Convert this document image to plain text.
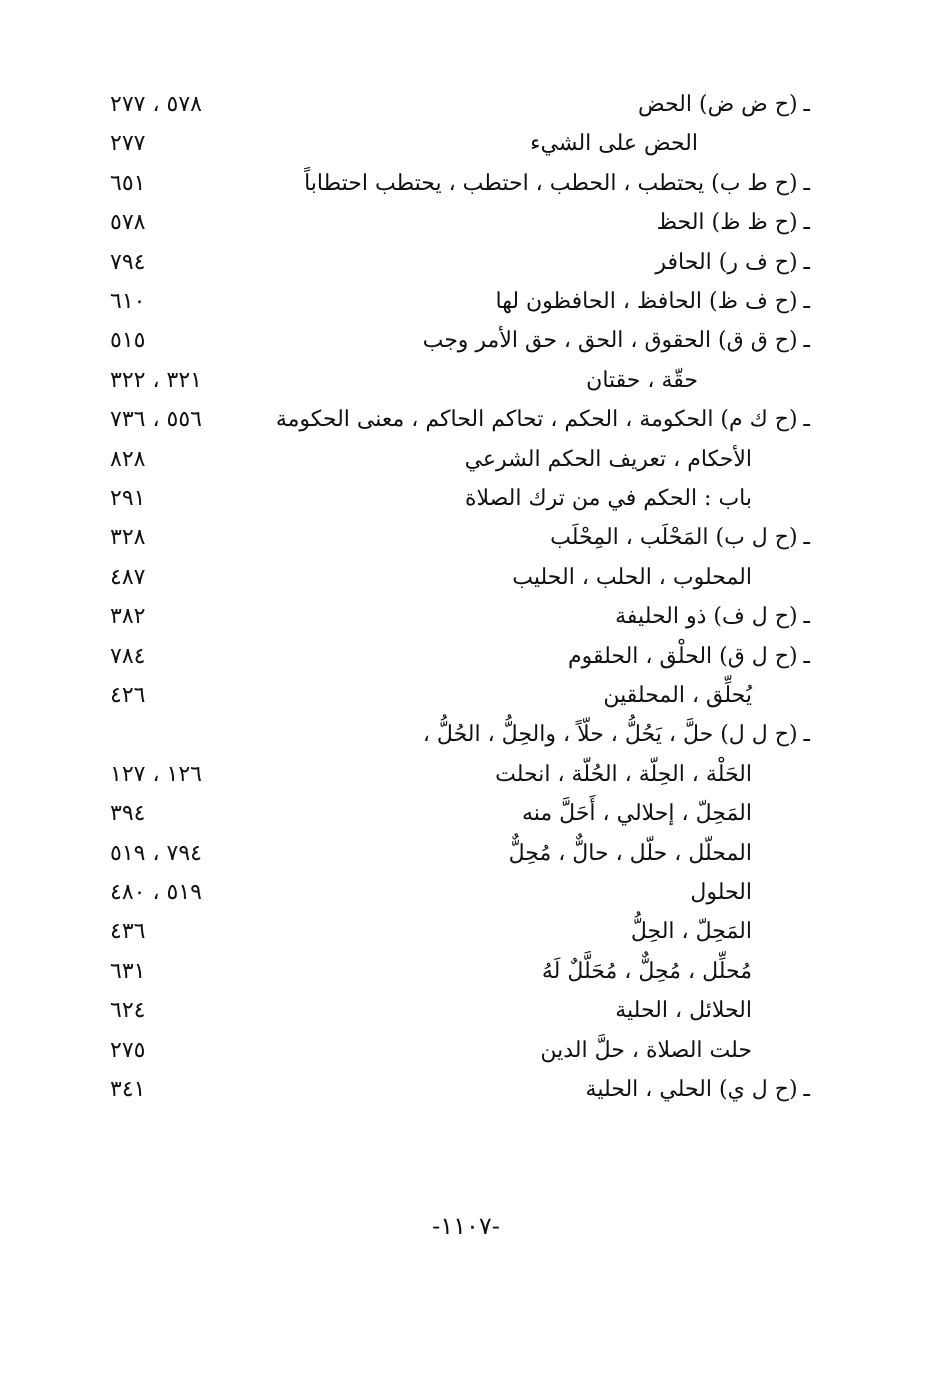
ـ(ح ض ض) الحض
٥٧٨ ، ٢٧٧
الحض على الشيء
٢٧٧
ـ(ح ط ب) يحتطب ، الحطب ، احتطب ، يحتطب احتطاباً
٦٥١
ـ(ح ظ ظ) الحظ
٥٧٨
ـ(ح ف ر) الحافر
٧٩٤
ـ(ح ف ظ) الحافظ ، الحافظون لها
٦١٠
ـ(ح ق ق) الحقوق ، الحق ، حق الأمر وجب
٥١٥
حقّة ، حقتان
٣٢١ ، ٣٢٢
ـ(ح ك م) الحكومة ، الحكم ، تحاكم الحاكم ، معنى الحكومة
٥٥٦ ، ٧٣٦
الأحكام ، تعريف الحكم الشرعي
٨٢٨
باب : الحكم في من ترك الصلاة
٢٩١
ـ(ح ل ب) المَحْلَب ، المِحْلَب
٣٢٨
المحلوب ، الحلب ، الحليب
٤٨٧
ـ(ح ل ف) ذو الحليفة
٣٨٢
ـ(ح ل ق) الحلْق ، الحلقوم
٧٨٤
يُحلِّق ، المحلقين
٤٢٦
ـ(ح ل ل) حلَّ ، يَحُلُّ ، حلّاً ، والحِلُّ ، الحُلُّ ،
الحَلْة ، الحِلّة ، الحُلّة ، انحلت
١٢٦ ، ١٢٧
المَحِلّ ، إحلالي ، أَحَلَّ منه
٣٩٤
المحلّل ، حلّل ، حالٌّ ، مُحِلٌّ
٧٩٤ ، ٥١٩
الحلول
٥١٩ ، ٤٨٠
المَحِلّ ، الحِلُّ
٤٣٦
مُحلِّل ، مُحِلٌّ ، مُحَلَّلٌ لَهُ
٦٣١
الحلائل ، الحلية
٦٢٤
حلت الصلاة ، حلَّ الدين
٢٧٥
ـ(ح ل ي) الحلي ، الحلية
٣٤١
-١١٠٧-
